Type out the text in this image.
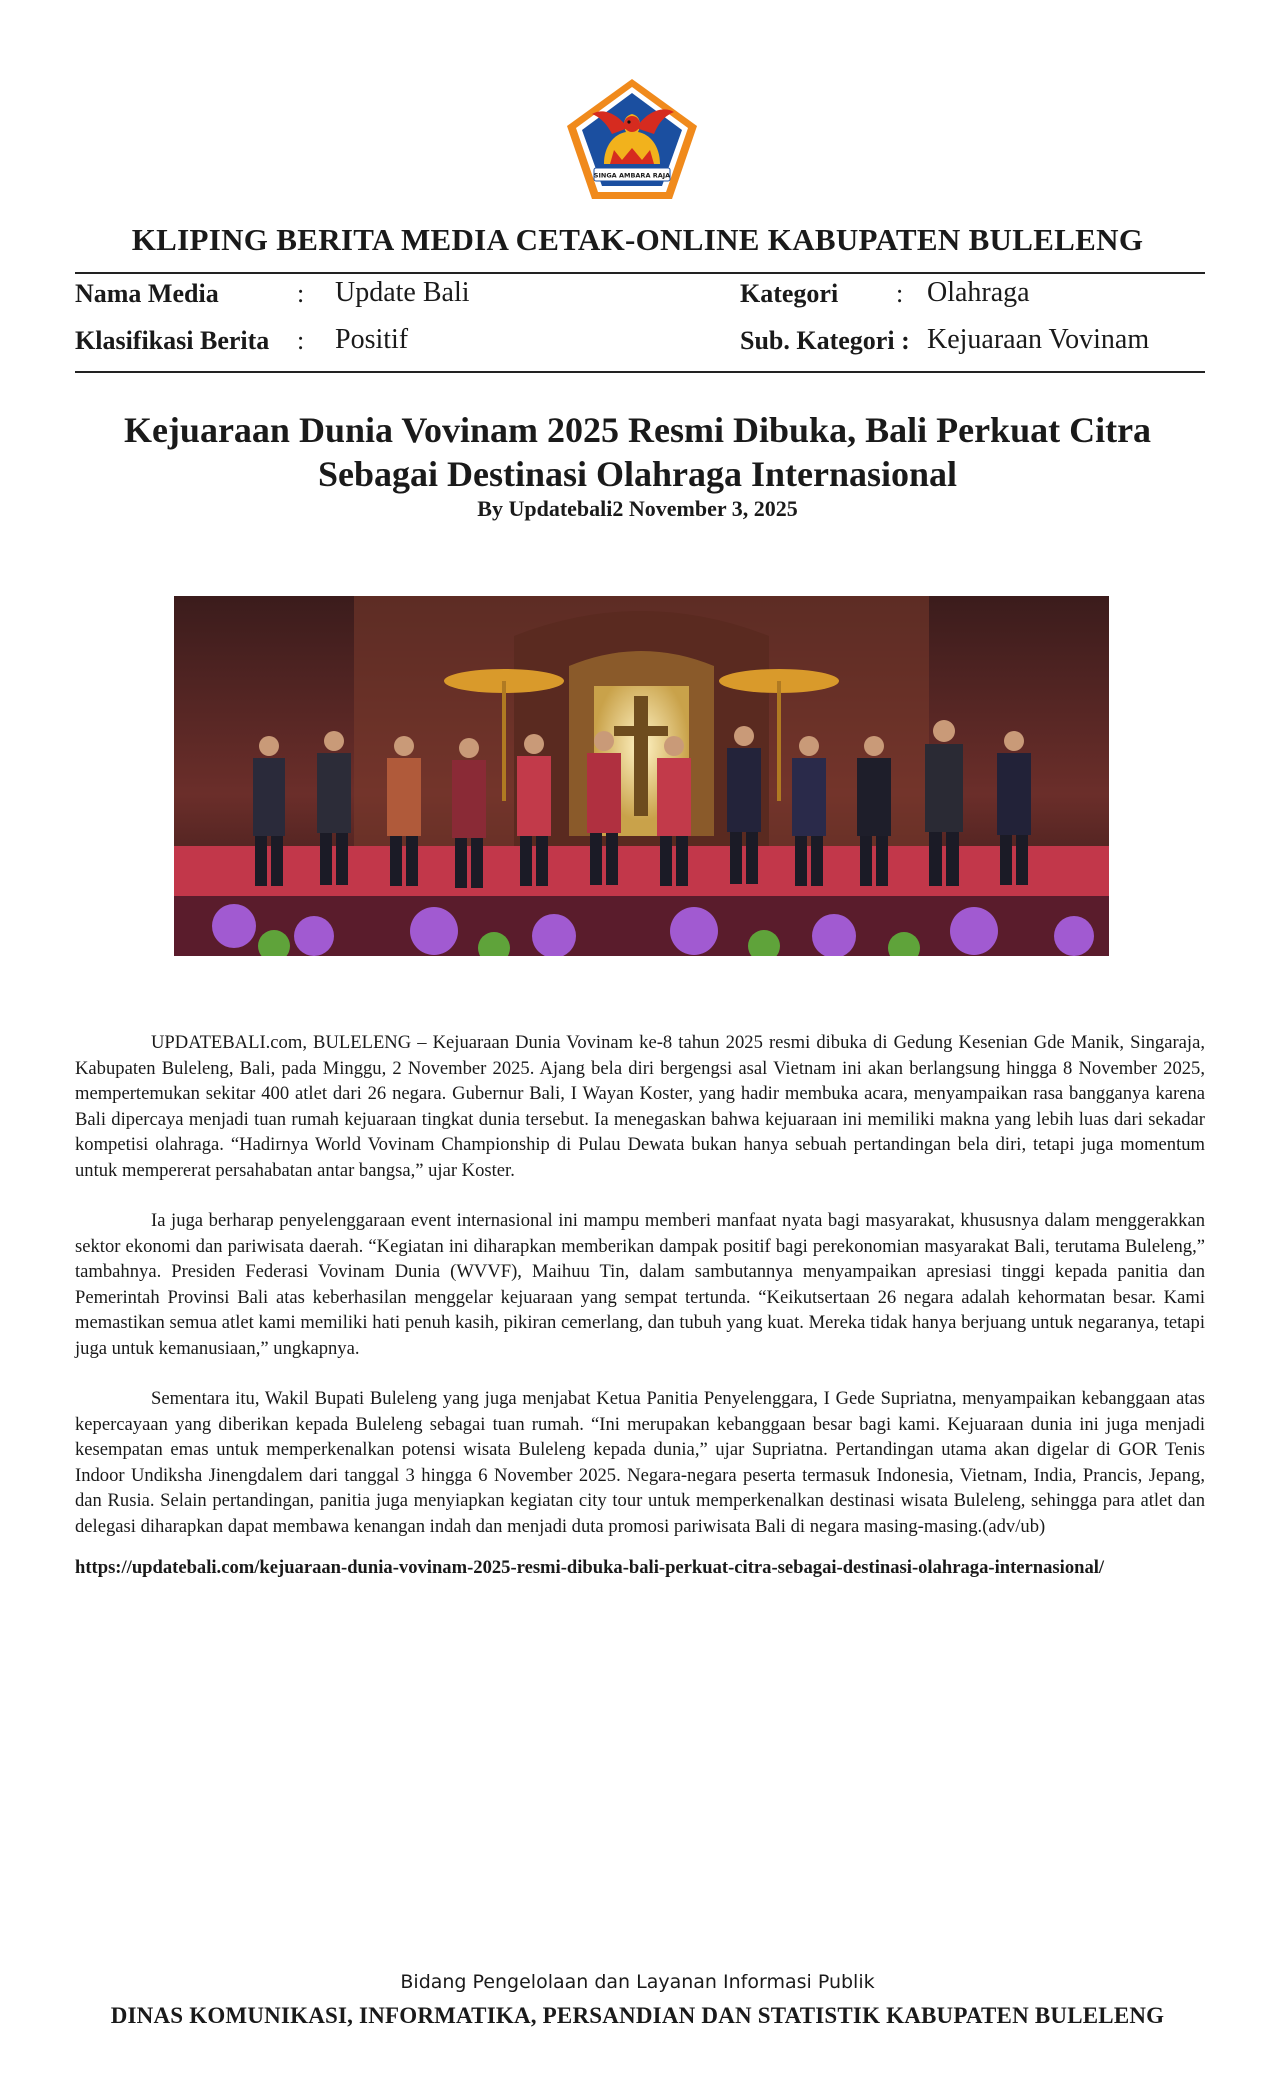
SINGA AMBARA RAJA
KLIPING BERITA MEDIA CETAK-ONLINE KABUPATEN BULELENG
Nama Media	: Update Bali	Kategori : Olahraga
Klasifikasi Berita : Positif	Sub. Kategori : Kejuaraan Vovinam
Kejuaraan Dunia Vovinam 2025 Resmi Dibuka, Bali Perkuat Citra Sebagai Destinasi Olahraga Internasional
By Updatebali2 November 3, 2025

UPDATEBALI.com, BULELENG – Kejuaraan Dunia Vovinam ke-8 tahun 2025 resmi dibuka di Gedung Kesenian Gde Manik, Singaraja, Kabupaten Buleleng, Bali, pada Minggu, 2 November 2025. Ajang bela diri bergengsi asal Vietnam ini akan berlangsung hingga 8 November 2025, mempertemukan sekitar 400 atlet dari 26 negara. Gubernur Bali, I Wayan Koster, yang hadir membuka acara, menyampaikan rasa bangganya karena Bali dipercaya menjadi tuan rumah kejuaraan tingkat dunia tersebut. Ia menegaskan bahwa kejuaraan ini memiliki makna yang lebih luas dari sekadar kompetisi olahraga. “Hadirnya World Vovinam Championship di Pulau Dewata bukan hanya sebuah pertandingan bela diri, tetapi juga momentum untuk mempererat persahabatan antar bangsa,” ujar Koster.

Ia juga berharap penyelenggaraan event internasional ini mampu memberi manfaat nyata bagi masyarakat, khususnya dalam menggerakkan sektor ekonomi dan pariwisata daerah. “Kegiatan ini diharapkan memberikan dampak positif bagi perekonomian masyarakat Bali, terutama Buleleng,” tambahnya. Presiden Federasi Vovinam Dunia (WVVF), Maihuu Tin, dalam sambutannya menyampaikan apresiasi tinggi kepada panitia dan Pemerintah Provinsi Bali atas keberhasilan menggelar kejuaraan yang sempat tertunda. “Keikutsertaan 26 negara adalah kehormatan besar. Kami memastikan semua atlet kami memiliki hati penuh kasih, pikiran cemerlang, dan tubuh yang kuat. Mereka tidak hanya berjuang untuk negaranya, tetapi juga untuk kemanusiaan,” ungkapnya.

Sementara itu, Wakil Bupati Buleleng yang juga menjabat Ketua Panitia Penyelenggara, I Gede Supriatna, menyampaikan kebanggaan atas kepercayaan yang diberikan kepada Buleleng sebagai tuan rumah. “Ini merupakan kebanggaan besar bagi kami. Kejuaraan dunia ini juga menjadi kesempatan emas untuk memperkenalkan potensi wisata Buleleng kepada dunia,” ujar Supriatna. Pertandingan utama akan digelar di GOR Tenis Indoor Undiksha Jinengdalem dari tanggal 3 hingga 6 November 2025. Negara-negara peserta termasuk Indonesia, Vietnam, India, Prancis, Jepang, dan Rusia. Selain pertandingan, panitia juga menyiapkan kegiatan city tour untuk memperkenalkan destinasi wisata Buleleng, sehingga para atlet dan delegasi diharapkan dapat membawa kenangan indah dan menjadi duta promosi pariwisata Bali di negara masing-masing.(adv/ub)

https://updatebali.com/kejuaraan-dunia-vovinam-2025-resmi-dibuka-bali-perkuat-citra-sebagai-destinasi-olahraga-internasional/

Bidang Pengelolaan dan Layanan Informasi Publik
DINAS KOMUNIKASI, INFORMATIKA, PERSANDIAN DAN STATISTIK KABUPATEN BULELENG
